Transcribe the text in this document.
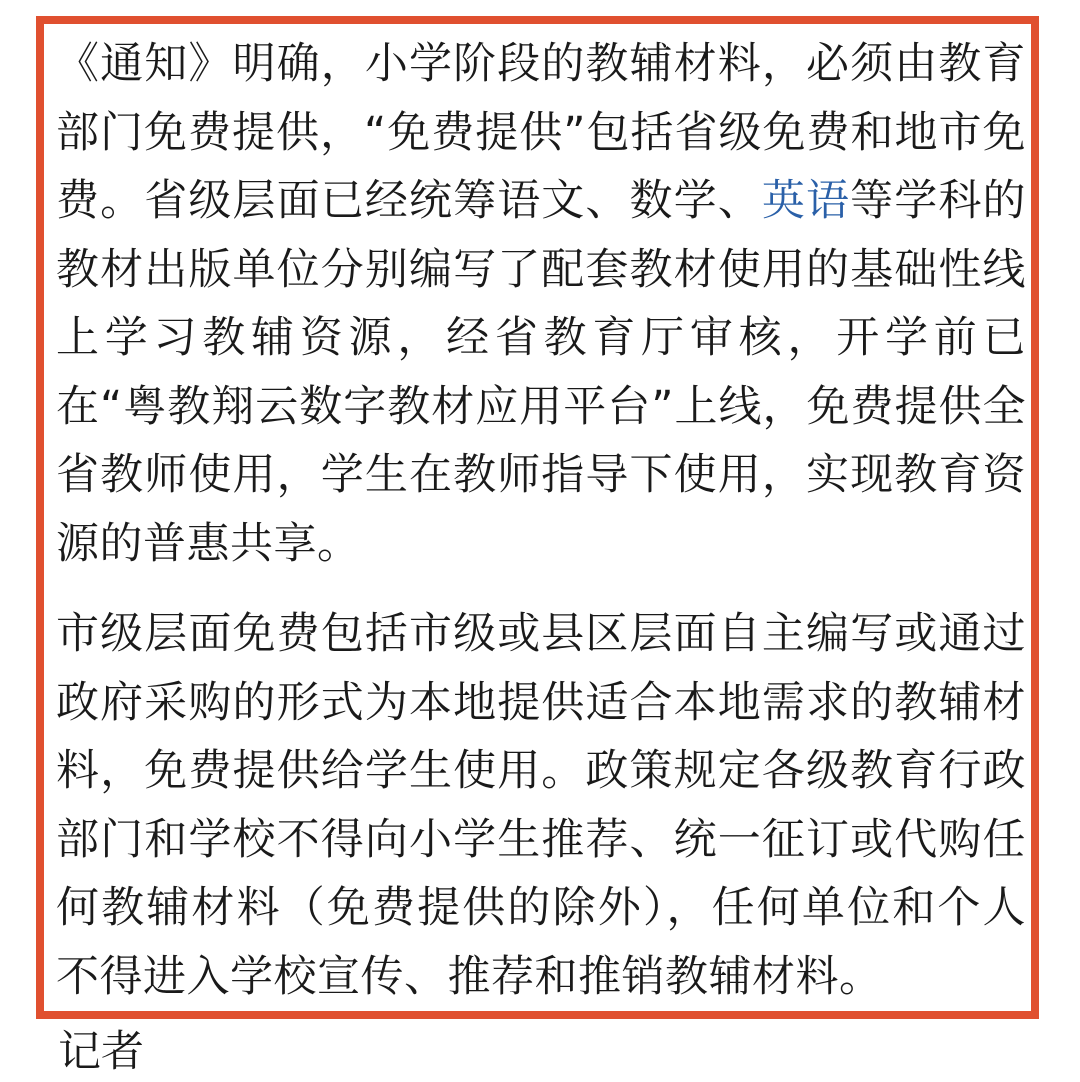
《通知》明确，小学阶段的教辅材料，必须由教育部门免费提供，“免费提供”包括省级免费和地市免费。省级层面已经统筹语文、数学、英语等学科的教材出版单位分别编写了配套教材使用的基础性线上学习教辅资源，经省教育厅审核，开学前已在“粤教翔云数字教材应用平台”上线，免费提供全省教师使用，学生在教师指导下使用，实现教育资源的普惠共享。

市级层面免费包括市级或县区层面自主编写或通过政府采购的形式为本地提供适合本地需求的教辅材料，免费提供给学生使用。政策规定各级教育行政部门和学校不得向小学生推荐、统一征订或代购任何教辅材料（免费提供的除外），任何单位和个人不得进入学校宣传、推荐和推销教辅材料。

记者
